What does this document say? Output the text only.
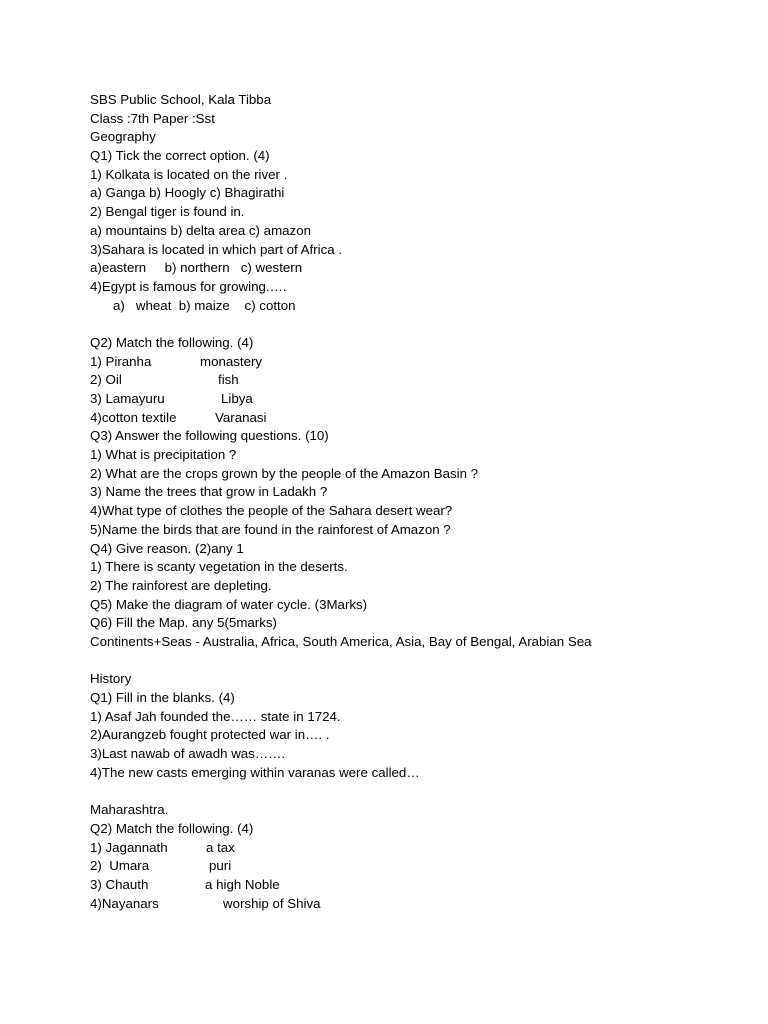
SBS Public School, Kala Tibba
Class :7th Paper :Sst
Geography
Q1) Tick the correct option. (4)
1) Kolkata is located on the river .
a) Ganga b) Hoogly c) Bhagirathi
2) Bengal tiger is found in.
a) mountains b) delta area c) amazon
3)Sahara is located in which part of Africa .
a)eastern     b) northern   c) western
4)Egypt is famous for growing.….
a)   wheat  b) maize    c) cotton
Q2) Match the following. (4)
1) Piranha	monastery
2) Oil	fish
3) Lamayuru	Libya
4)cotton textile	Varanasi
Q3) Answer the following questions. (10)
1) What is precipitation ?
2) What are the crops grown by the people of the Amazon Basin ?
3) Name the trees that grow in Ladakh ?
4)What type of clothes the people of the Sahara desert wear?
5)Name the birds that are found in the rainforest of Amazon ?
Q4) Give reason. (2)any 1
1) There is scanty vegetation in the deserts.
2) The rainforest are depleting.
Q5) Make the diagram of water cycle. (3Marks)
Q6) Fill the Map. any 5(5marks)
Continents+Seas - Australia, Africa, South America, Asia, Bay of Bengal, Arabian Sea
History
Q1) Fill in the blanks. (4)
1) Asaf Jah founded the…… state in 1724.
2)Aurangzeb fought protected war in…. .
3)Last nawab of awadh was…….
4)The new casts emerging within varanas were called…
Maharashtra.
Q2) Match the following. (4)
1) Jagannath	a tax
2)  Umara	puri
3) Chauth	a high Noble
4)Nayanars	worship of Shiva
